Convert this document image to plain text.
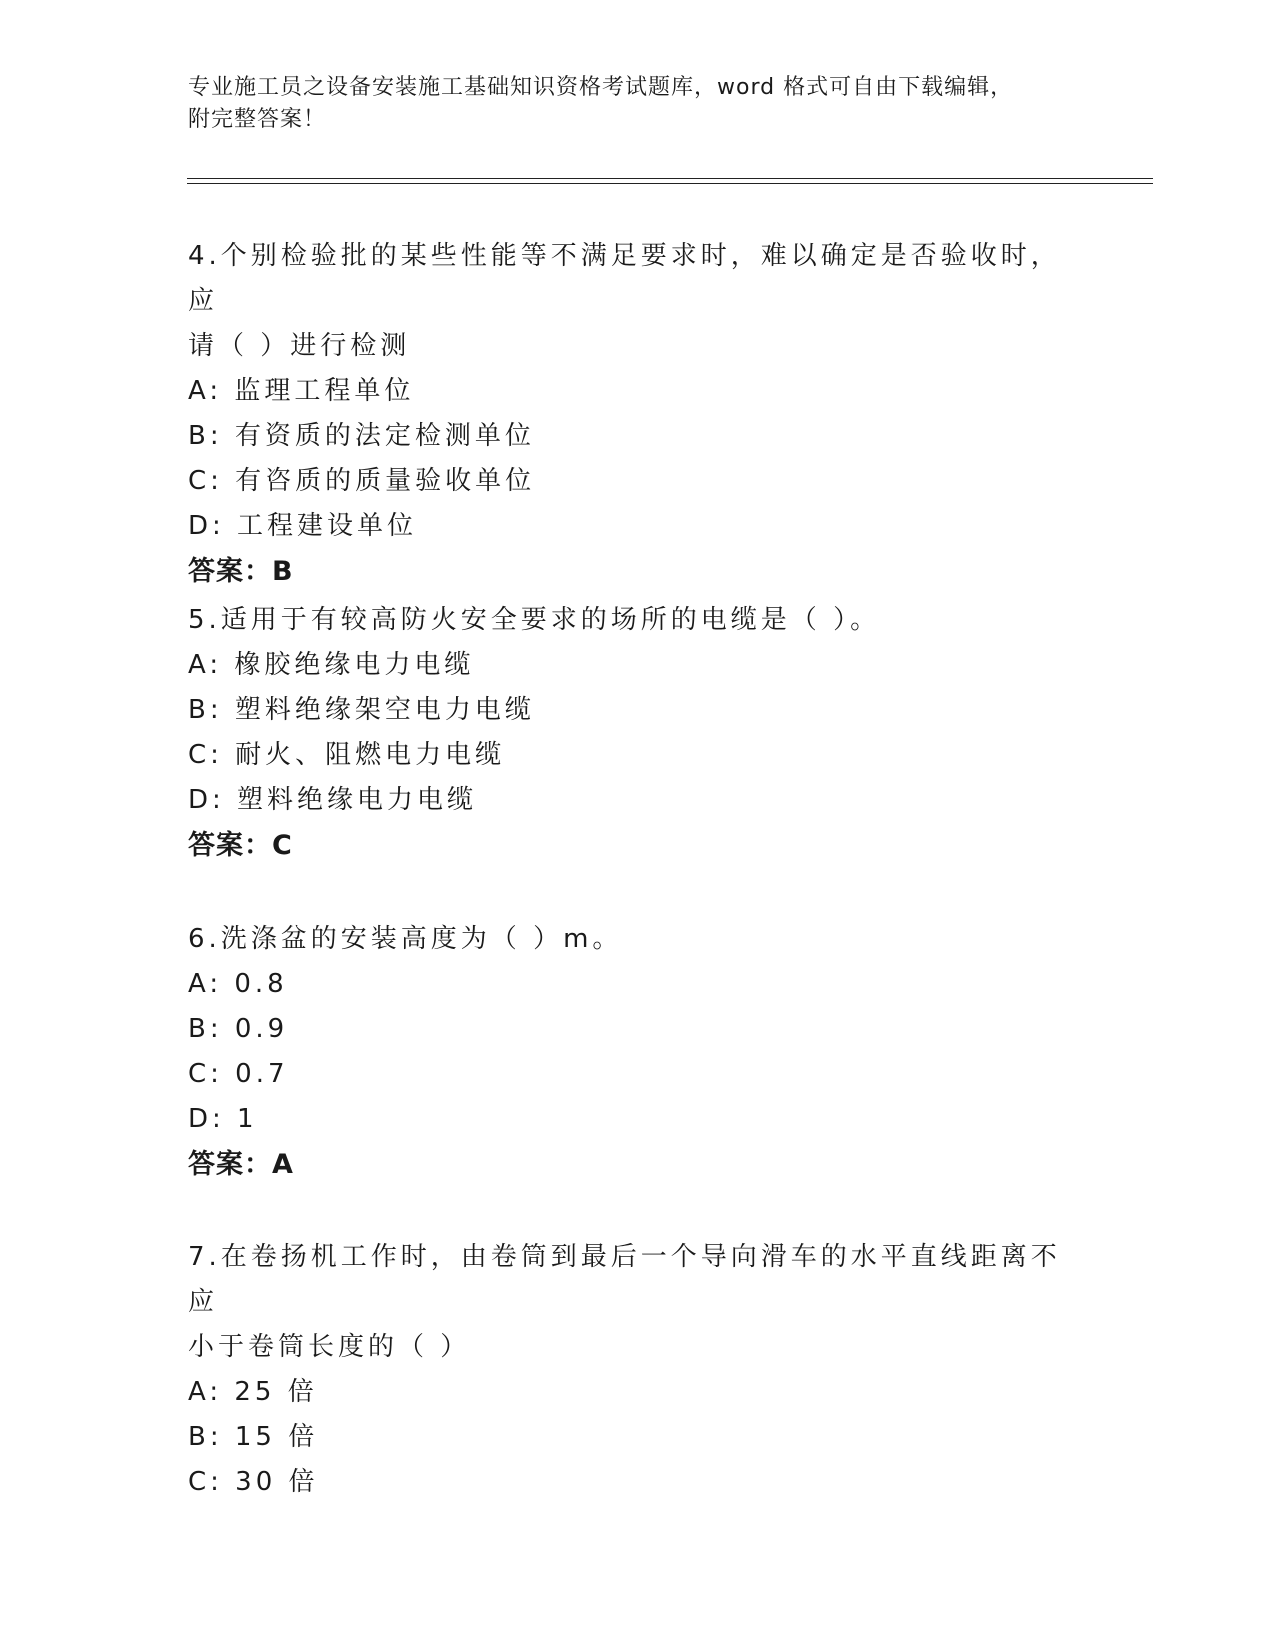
专业施工员之设备安装施工基础知识资格考试题库，word 格式可自由下载编辑，
附完整答案！
4.个别检验批的某些性能等不满足要求时，难以确定是否验收时，应
请（ ）进行检测
A: 监理工程单位
B: 有资质的法定检测单位
C: 有咨质的质量验收单位
D: 工程建设单位
答案：B
5.适用于有较高防火安全要求的场所的电缆是（ ）。
A: 橡胶绝缘电力电缆
B: 塑料绝缘架空电力电缆
C: 耐火、阻燃电力电缆
D: 塑料绝缘电力电缆
答案：C
6.洗涤盆的安装高度为（ ）m。
A: 0.8
B: 0.9
C: 0.7
D: 1
答案：A
7.在卷扬机工作时，由卷筒到最后一个导向滑车的水平直线距离不应
小于卷筒长度的（ ）
A: 25 倍
B: 15 倍
C: 30 倍
